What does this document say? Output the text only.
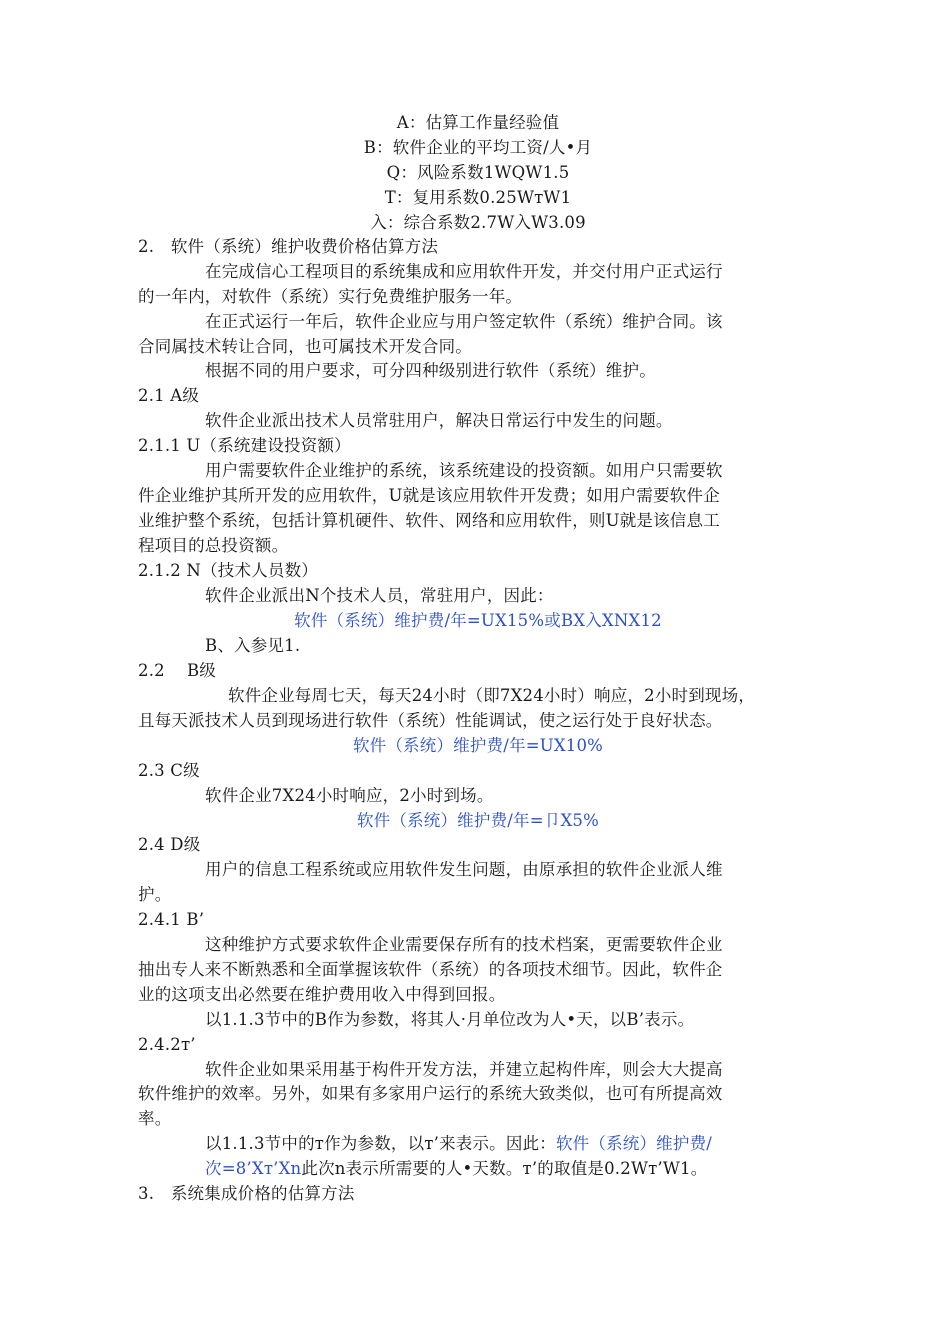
A：估算工作量经验值
B：软件企业的平均工资/人•月
Q：风险系数1WQW1.5
T：复用系数0.25WтW1
入：综合系数2.7W入W3.09
2.　软件（系统）维护收费价格估算方法
在完成信心工程项目的系统集成和应用软件开发，并交付用户正式运行
的一年内，对软件（系统）实行免费维护服务一年。
在正式运行一年后，软件企业应与用户签定软件（系统）维护合同。该
合同属技术转让合同，也可属技术开发合同。
根据不同的用户要求，可分四种级别进行软件（系统）维护。
2.1 A级
软件企业派出技术人员常驻用户，解决日常运行中发生的问题。
2.1.1 U（系统建设投资额）
用户需要软件企业维护的系统，该系统建设的投资额。如用户只需要软
件企业维护其所开发的应用软件，U就是该应用软件开发费；如用户需要软件企
业维护整个系统，包括计算机硬件、软件、网络和应用软件，则U就是该信息工
程项目的总投资额。
2.1.2 N（技术人员数）
软件企业派出N个技术人员，常驻用户，因此：
软件（系统）维护费/年=UX15%或BX入XNX12
B、入参见1.
2.2　 B级
软件企业每周七天，每天24小时（即7X24小时）响应，2小时到现场，
且每天派技术人员到现场进行软件（系统）性能调试，使之运行处于良好状态。
软件（系统）维护费/年=UX10%
2.3 C级
软件企业7X24小时响应，2小时到场。
软件（系统）维护费/年=卩X5%
2.4 D级
用户的信息工程系统或应用软件发生问题，由原承担的软件企业派人维
护。
2.4.1 B’
这种维护方式要求软件企业需要保存所有的技术档案，更需要软件企业
抽出专人来不断熟悉和全面掌握该软件（系统）的各项技术细节。因此，软件企
业的这项支出必然要在维护费用收入中得到回报。
以1.1.3节中的B作为参数，将其人·月单位改为人•天，以B’表示。
2.4.2т’
软件企业如果采用基于构件开发方法，并建立起构件库，则会大大提高
软件维护的效率。另外，如果有多家用户运行的系统大致类似，也可有所提高效
率。
以1.1.3节中的т作为参数，以т’来表示。因此：软件（系统）维护费/
次=8’Xт’Xn此次n表示所需要的人•天数。т’的取值是0.2Wт’W1。
3.　系统集成价格的估算方法
